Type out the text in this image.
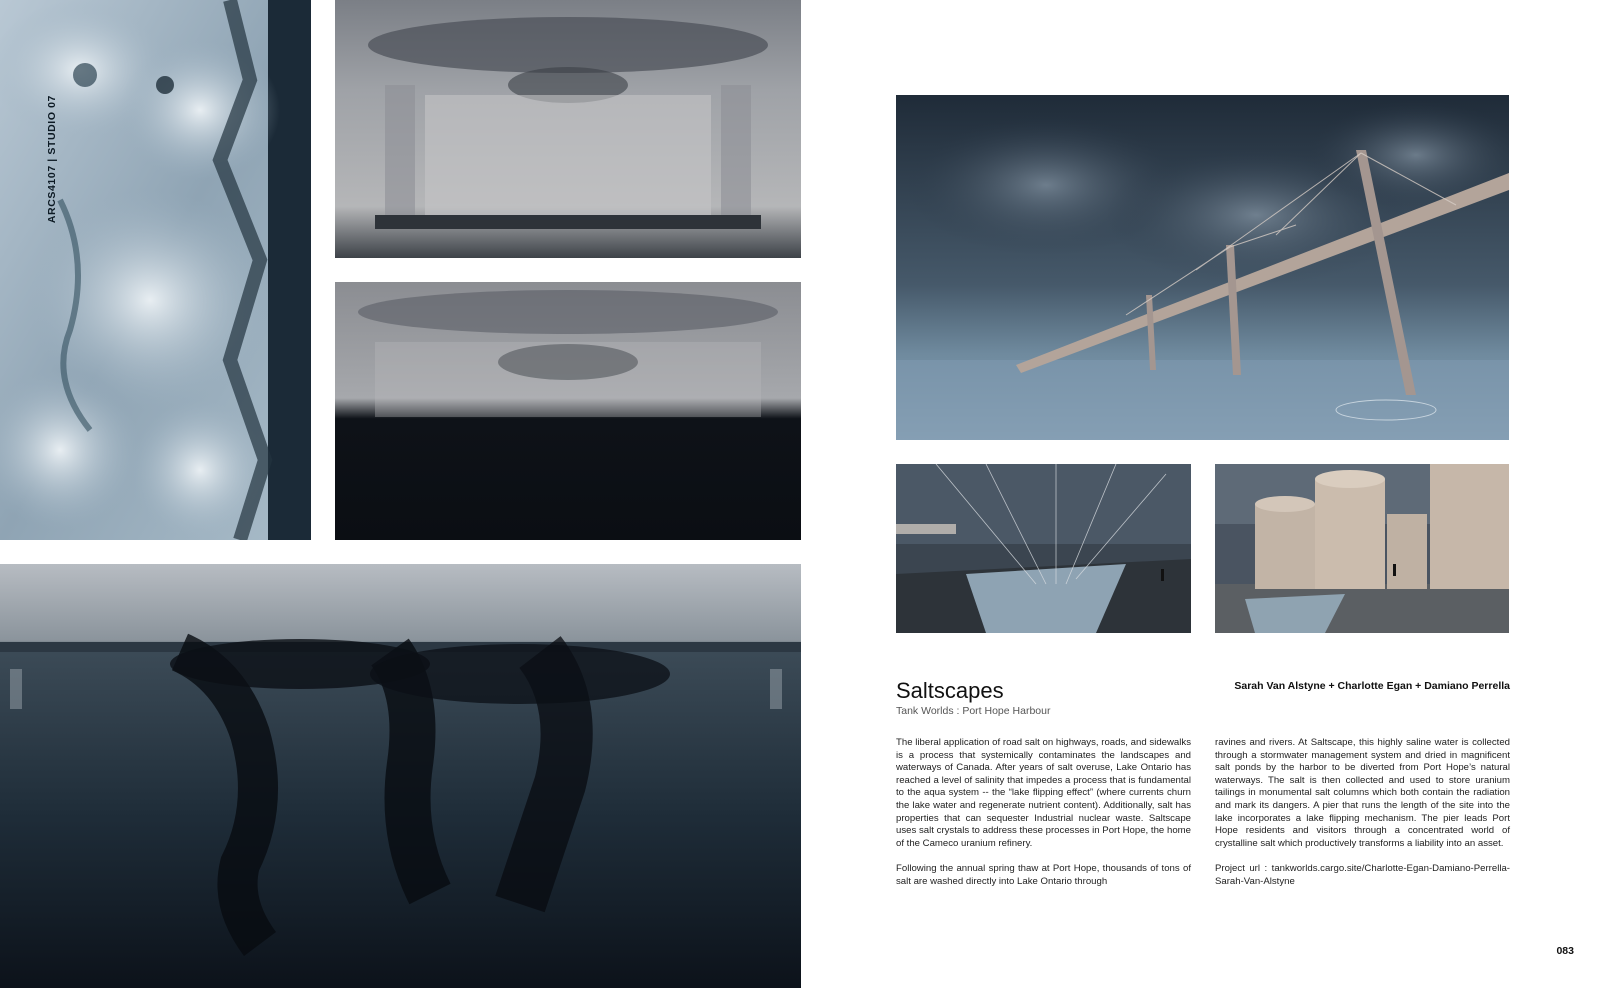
ARCS4107 | STUDIO 07
Saltscapes
Tank Worlds : Port Hope Harbour
Sarah Van Alstyne + Charlotte Egan + Damiano Perrella

The liberal application of road salt on highways, roads, and sidewalks is a process that systemically contaminates the landscapes and waterways of Canada. After years of salt overuse, Lake Ontario has reached a level of salinity that impedes a process that is fundamental to the aqua system -- the “lake flipping effect” (where currents churn the lake water and regenerate nutrient content). Additionally, salt has properties that can sequester Industrial nuclear waste. Saltscape uses salt crystals to address these processes in Port Hope, the home of the Cameco uranium refinery.

Following the annual spring thaw at Port Hope, thousands of tons of salt are washed directly into Lake Ontario through

ravines and rivers. At Saltscape, this highly saline water is collected through a stormwater management system and dried in magnificent salt ponds by the harbor to be diverted from Port Hope’s natural waterways. The salt is then collected and used to store uranium tailings in monumental salt columns which both contain the radiation and mark its dangers. A pier that runs the length of the site into the lake incorporates a lake flipping mechanism. The pier leads Port Hope residents and visitors through a concentrated world of crystalline salt which productively transforms a liability into an asset.

Project url : tankworlds.cargo.site/Charlotte-Egan-Damiano-Perrella-Sarah-Van-Alstyne

083
